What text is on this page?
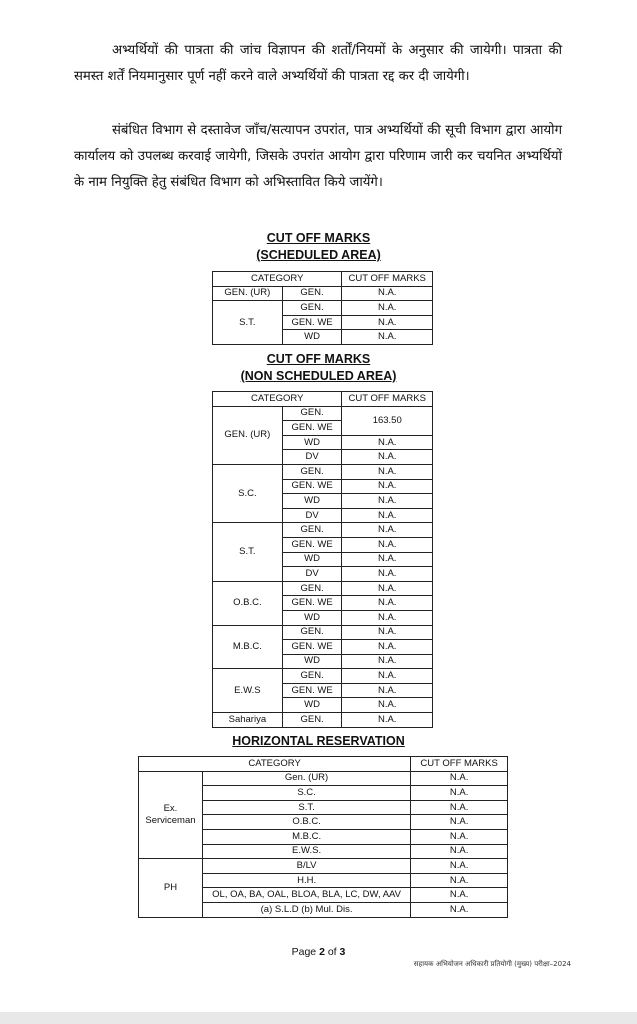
अभ्यर्थियों की पात्रता की जांच विज्ञापन की शर्तों/नियमों के अनुसार की जायेगी। पात्रता की समस्त शर्तें नियमानुसार पूर्ण नहीं करने वाले अभ्यर्थियों की पात्रता रद्द कर दी जायेगी।

संबंधित विभाग से दस्तावेज जाँच/सत्यापन उपरांत, पात्र अभ्यर्थियों की सूची विभाग द्वारा आयोग कार्यालय को उपलब्ध करवाई जायेगी, जिसके उपरांत आयोग द्वारा परिणाम जारी कर चयनित अभ्यर्थियों के नाम नियुक्ति हेतु संबंधित विभाग को अभिस्तावित किये जायेंगे।

CUT OFF MARKS
(SCHEDULED AREA)
CATEGORY		CUT OFF MARKS
GEN. (UR)	GEN.	N.A.
S.T.	GEN.	N.A.
	GEN. WE	N.A.
	WD	N.A.
CUT OFF MARKS
(NON SCHEDULED AREA)
CATEGORY		CUT OFF MARKS
GEN. (UR)	GEN.	163.50
	GEN. WE	
	WD	N.A.
	DV	N.A.
S.C.	GEN.	N.A.
	GEN. WE	N.A.
	WD	N.A.
	DV	N.A.
S.T.	GEN.	N.A.
	GEN. WE	N.A.
	WD	N.A.
	DV	N.A.
O.B.C.	GEN.	N.A.
	GEN. WE	N.A.
	WD	N.A.
M.B.C.	GEN.	N.A.
	GEN. WE	N.A.
	WD	N.A.
E.W.S	GEN.	N.A.
	GEN. WE	N.A.
	WD	N.A.
Sahariya	GEN.	N.A.
HORIZONTAL RESERVATION
CATEGORY		CUT OFF MARKS
Ex. Serviceman	Gen. (UR)	N.A.
	S.C.	N.A.
	S.T.	N.A.
	O.B.C.	N.A.
	M.B.C.	N.A.
	E.W.S.	N.A.
PH	B/LV	N.A.
	H.H.	N.A.
	OL, OA, BA, OAL, BLOA, BLA, LC, DW, AAV	N.A.
	(a) S.L.D (b) Mul. Dis.	N.A.
Page 2 of 3
सहायक अभियोजन अधिकारी प्रतियोगी (मुख्य) परीक्षा–2024
